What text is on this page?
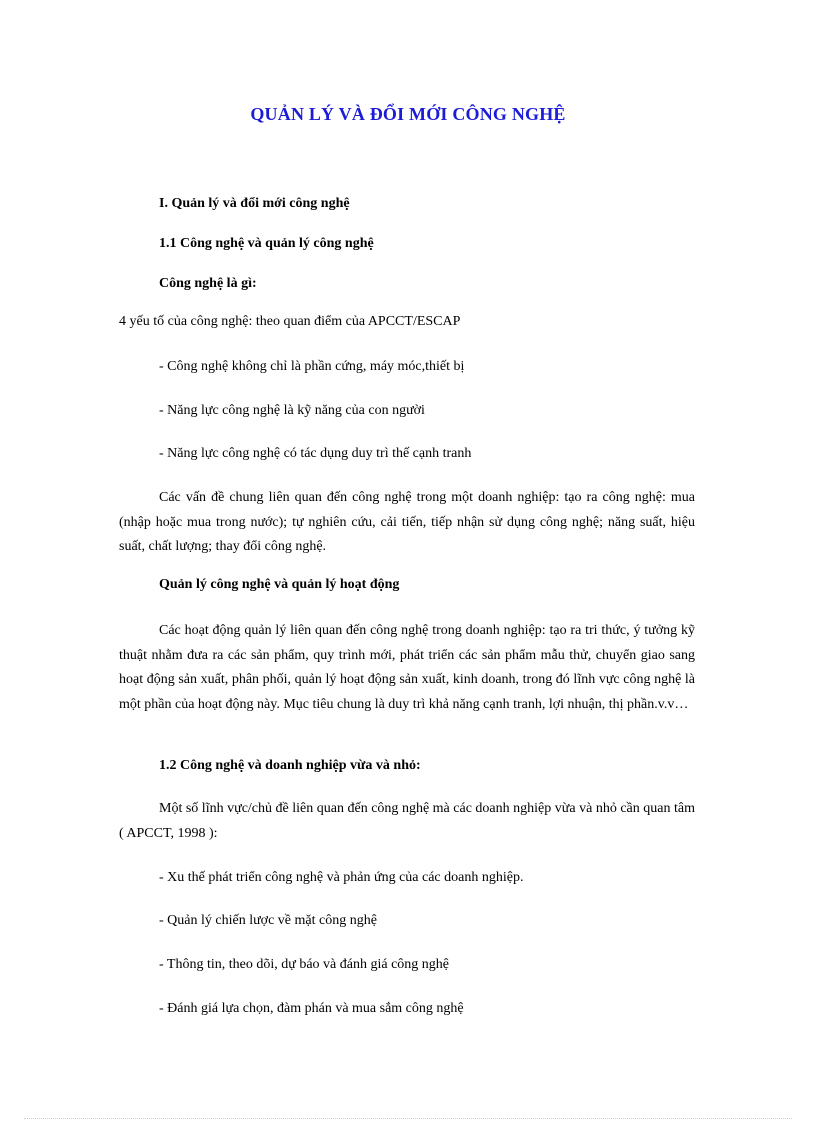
QUẢN LÝ VÀ ĐỔI MỚI CÔNG NGHỆ
I. Quản lý và đổi mới công nghệ
1.1 Công nghệ và quản lý công nghệ
Công nghệ là gì:
4 yếu tố của công nghệ: theo quan điểm của APCCT/ESCAP
- Công nghệ không chỉ là phần cứng, máy móc,thiết bị
- Năng lực công nghệ là kỹ năng của con người
- Năng lực công nghệ có tác dụng duy trì thế cạnh tranh
Các vấn đề chung liên quan đến công nghệ trong một doanh nghiệp: tạo ra công nghệ: mua (nhập hoặc mua trong nước); tự nghiên cứu, cải tiến, tiếp nhận sử dụng công nghệ; năng suất, hiệu suất, chất lượng; thay đổi công nghệ.
Quản lý công nghệ và quản lý hoạt động
Các hoạt động quản lý liên quan đến công nghệ trong doanh nghiệp: tạo ra tri thức, ý tưởng kỹ thuật nhằm đưa ra các sản phẩm, quy trình mới, phát triển các sản phẩm mẫu thử, chuyển giao sang hoạt động sản xuất, phân phối, quản lý hoạt động sản xuất, kinh doanh, trong đó lĩnh vực công nghệ là một phần của hoạt động này. Mục tiêu chung là duy trì khả năng cạnh tranh, lợi nhuận, thị phần.v.v…
1.2 Công nghệ và doanh nghiệp vừa và nhỏ:
Một số lĩnh vực/chủ đề liên quan đến công nghệ mà các doanh nghiệp vừa và nhỏ cần quan tâm ( APCCT, 1998 ):
- Xu thế phát triển công nghệ và phản ứng của các doanh nghiệp.
- Quản lý chiến lược về mặt công nghệ
- Thông tin, theo dõi, dự báo và đánh giá công nghệ
- Đánh giá lựa chọn, đàm phán và mua sắm công nghệ
